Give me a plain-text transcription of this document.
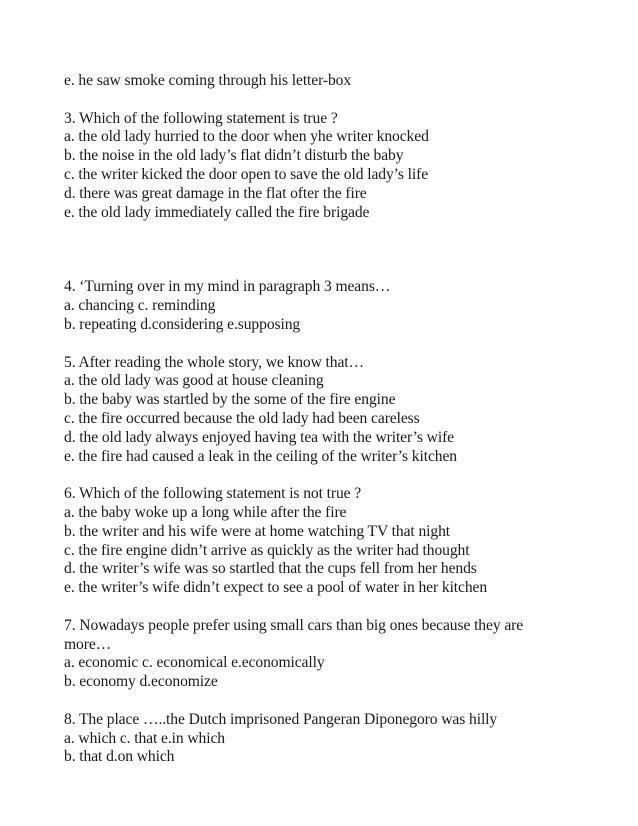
e. he saw smoke coming through his letter-box
3. Which of the following statement is true ?
a. the old lady hurried to the door when yhe writer knocked
b. the noise in the old lady’s flat didn’t disturb the baby
c. the writer kicked the door open to save the old lady’s life
d. there was great damage in the flat ofter the fire
e. the old lady immediately called the fire brigade
4. ‘Turning over in my mind in paragraph 3 means…
a. chancing c. reminding
b. repeating d.considering e.supposing
5. After reading the whole story, we know that…
a. the old lady was good at house cleaning
b. the baby was startled by the some of the fire engine
c. the fire occurred because the old lady had been careless
d. the old lady always enjoyed having tea with the writer’s wife
e. the fire had caused a leak in the ceiling of the writer’s kitchen
6. Which of the following statement is not true ?
a. the baby woke up a long while after the fire
b. the writer and his wife were at home watching TV that night
c. the fire engine didn’t arrive as quickly as the writer had thought
d. the writer’s wife was so startled that the cups fell from her hends
e. the writer’s wife didn’t expect to see a pool of water in her kitchen
7. Nowadays people prefer using small cars than big ones because they are
more…
a. economic c. economical e.economically
b. economy d.economize
8. The place …..the Dutch imprisoned Pangeran Diponegoro was hilly
a. which c. that e.in which
b. that d.on which
